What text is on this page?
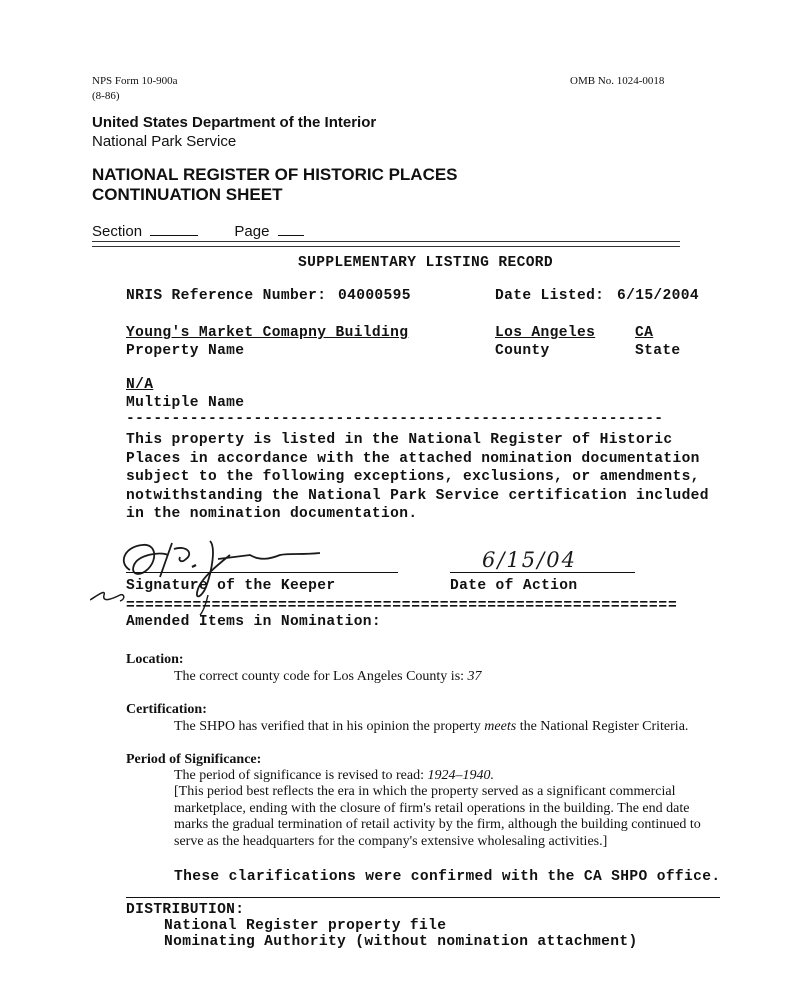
NPS Form 10-900a
(8-86)
OMB No. 1024-0018
United States Department of the Interior
National Park Service
NATIONAL REGISTER OF HISTORIC PLACES
CONTINUATION SHEET
Section	Page
SUPPLEMENTARY LISTING RECORD
NRIS Reference Number: 04000595	Date Listed: 6/15/2004
Young's Market Comapny Building
Property Name
Los Angeles
County
CA
State
N/A
Multiple Name
-----------------------------------------------------------
This property is listed in the National Register of Historic Places in accordance with the attached nomination documentation subject to the following exceptions, exclusions, or amendments, notwithstanding the National Park Service certification included in the nomination documentation.
Signature of the Keeper
6/15/04
Date of Action
==========================================================
Amended Items in Nomination:
Location:
The correct county code for Los Angeles County is: 37
Certification:
The SHPO has verified that in his opinion the property meets the National Register Criteria.
Period of Significance:
The period of significance is revised to read: 1924–1940.
[This period best reflects the era in which the property served as a significant commercial marketplace, ending with the closure of firm's retail operations in the building. The end date marks the gradual termination of retail activity by the firm, although the building continued to serve as the headquarters for the company's extensive wholesaling activities.]
These clarifications were confirmed with the CA SHPO office.
DISTRIBUTION:
National Register property file
Nominating Authority (without nomination attachment)
